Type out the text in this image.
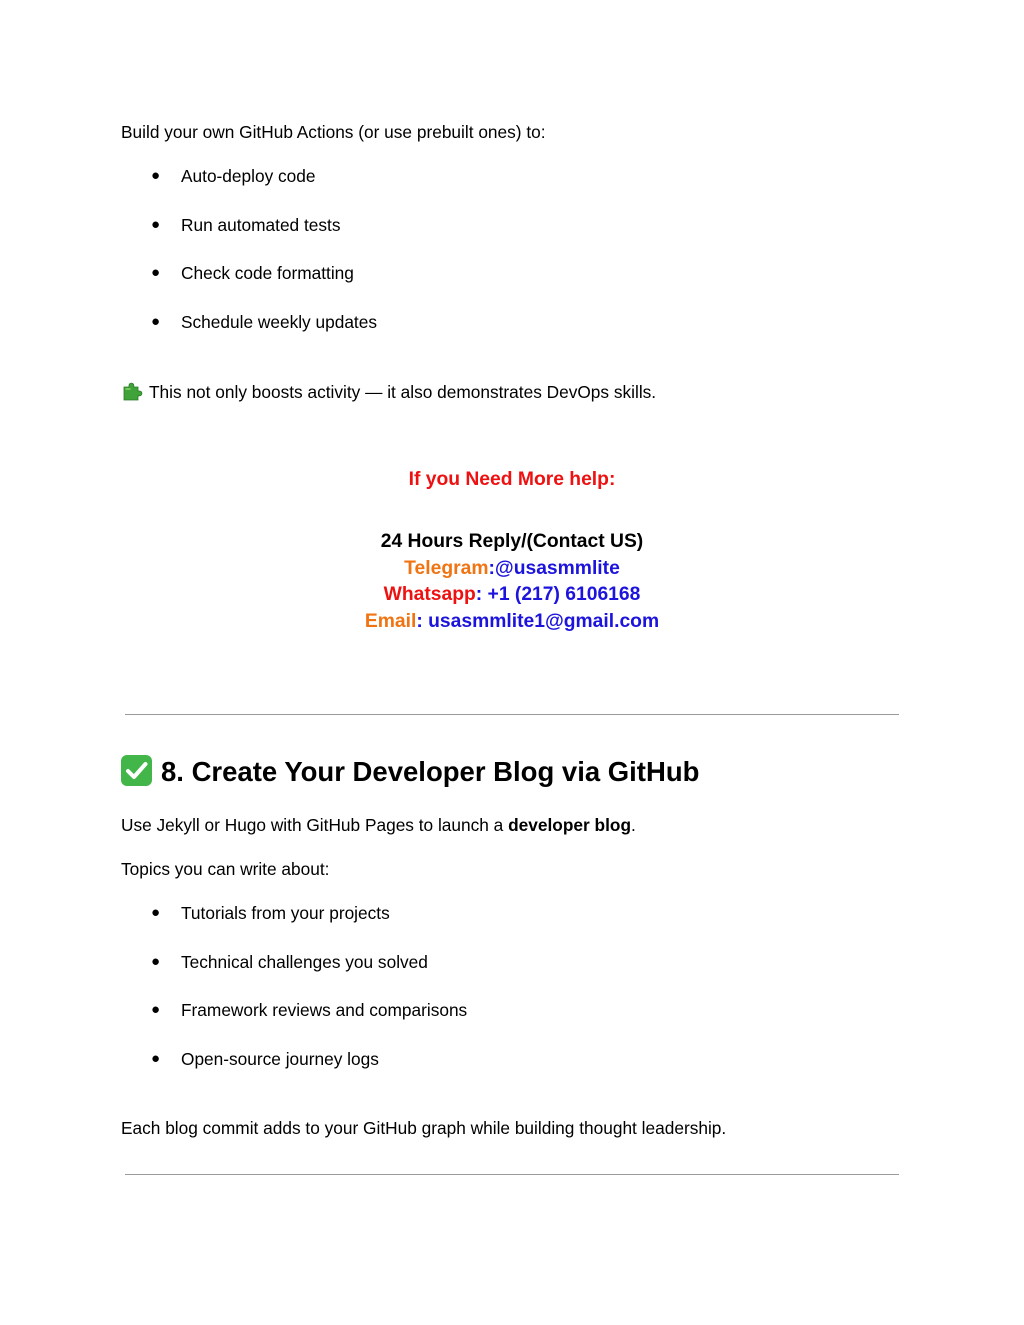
Build your own GitHub Actions (or use prebuilt ones) to:
● Auto-deploy code
● Run automated tests
● Check code formatting
● Schedule weekly updates
This not only boosts activity — it also demonstrates DevOps skills.
If you Need More help:
24 Hours Reply/(Contact US)
Telegram:@usasmmlite
Whatsapp: +1 (217) 6106168
Email: usasmmlite1@gmail.com
8. Create Your Developer Blog via GitHub
Use Jekyll or Hugo with GitHub Pages to launch a developer blog.
Topics you can write about:
● Tutorials from your projects
● Technical challenges you solved
● Framework reviews and comparisons
● Open-source journey logs
Each blog commit adds to your GitHub graph while building thought leadership.
